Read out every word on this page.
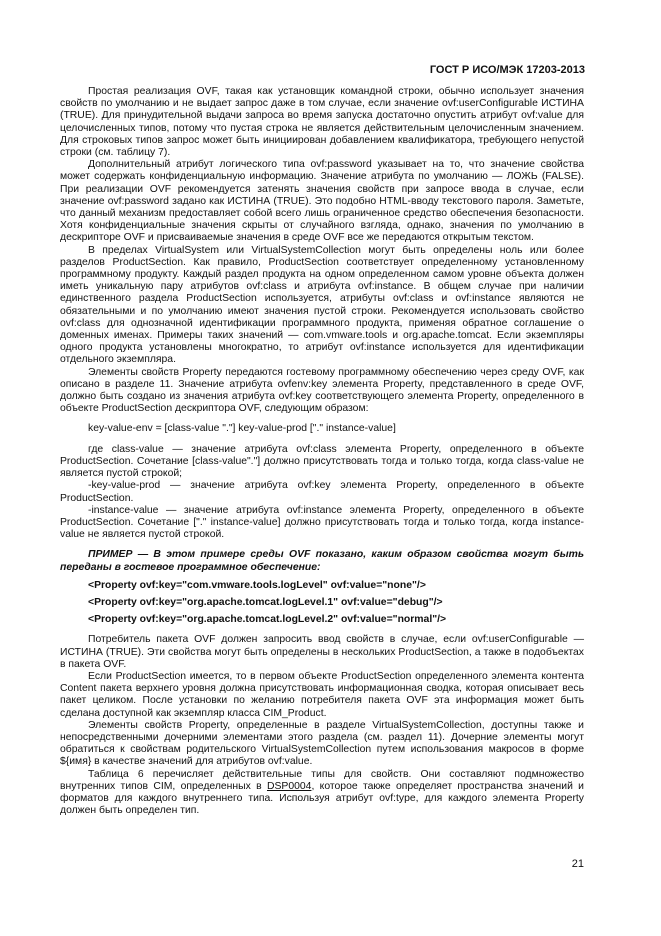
ГОСТ Р ИСО/МЭК 17203-2013

Простая реализация OVF, такая как установщик командной строки, обычно использует значения свойств по умолчанию и не выдает запрос даже в том случае, если значение ovf:userConfigurable ИСТИНА (TRUE). Для принудительной выдачи запроса во время запуска достаточно опустить атрибут ovf:value для целочисленных типов, потому что пустая строка не является действительным целочисленным значением. Для строковых типов запрос может быть инициирован добавлением квалификатора, требующего непустой строки (см. таблицу 7).

Дополнительный атрибут логического типа ovf:password указывает на то, что значение свойства может содержать конфиденциальную информацию. Значение атрибута по умолчанию — ЛОЖЬ (FALSE). При реализации OVF рекомендуется затенять значения свойств при запросе ввода в случае, если значение ovf:password задано как ИСТИНА (TRUE). Это подобно HTML-вводу текстового пароля. Заметьте, что данный механизм предоставляет собой всего лишь ограниченное средство обеспечения безопасности. Хотя конфиденциальные значения скрыты от случайного взгляда, однако, значения по умолчанию в дескрипторе OVF и присваиваемые значения в среде OVF все же передаются открытым текстом.

В пределах VirtualSystem или VirtualSystemCollection могут быть определены ноль или более разделов ProductSection. Как правило, ProductSection соответствует определенному установленному программному продукту. Каждый раздел продукта на одном определенном самом уровне объекта должен иметь уникальную пару атрибутов ovf:class и атрибута ovf:instance. В общем случае при наличии единственного раздела ProductSection используется, атрибуты ovf:class и ovf:instance являются не обязательными и по умолчанию имеют значения пустой строки. Рекомендуется использовать свойство ovf:class для однозначной идентификации программного продукта, применяя обратное соглашение о доменных именах. Примеры таких значений — com.vmware.tools и org.apache.tomcat. Если экземпляры одного продукта установлены многократно, то атрибут ovf:instance используется для идентификации отдельного экземпляра.

Элементы свойств Property передаются гостевому программному обеспечению через среду OVF, как описано в разделе 11. Значение атрибута ovfenv:key элемента Property, представленного в среде OVF, должно быть создано из значения атрибута ovf:key соответствующего элемента Property, определенного в объекте ProductSection дескриптора OVF, следующим образом:

key-value-env = [class-value "."] key-value-prod ["." instance-value]

где class-value — значение атрибута ovf:class элемента Property, определенного в объекте ProductSection. Сочетание [class-value"."] должно присутствовать тогда и только тогда, когда class-value не является пустой строкой;

-key-value-prod — значение атрибута ovf:key элемента Property, определенного в объекте ProductSection.

-instance-value — значение атрибута ovf:instance элемента Property, определенного в объекте ProductSection. Сочетание ["." instance-value] должно присутствовать тогда и только тогда, когда instance-value не является пустой строкой.

ПРИМЕР — В этом примере среды OVF показано, каким образом свойства могут быть переданы в гостевое программное обеспечение:

<Property ovf:key="com.vmware.tools.logLevel" ovf:value="none"/>

<Property ovf:key="org.apache.tomcat.logLevel.1" ovf:value="debug"/>

<Property ovf:key="org.apache.tomcat.logLevel.2" ovf:value="normal"/>

Потребитель пакета OVF должен запросить ввод свойств в случае, если ovf:userConfigurable — ИСТИНА (TRUE). Эти свойства могут быть определены в нескольких ProductSection, а также в подобъектах в пакета OVF.

Если ProductSection имеется, то в первом объекте ProductSection определенного элемента контента Content пакета верхнего уровня должна присутствовать информационная сводка, которая описывает весь пакет целиком. После установки по желанию потребителя пакета OVF эта информация может быть сделана доступной как экземпляр класса CIM_Product.

Элементы свойств Property, определенные в разделе VirtualSystemCollection, доступны также и непосредственными дочерними элементами этого раздела (см. раздел 11). Дочерние элементы могут обратиться к свойствам родительского VirtualSystemCollection путем использования макросов в форме ${имя} в качестве значений для атрибутов ovf:value.

Таблица 6 перечисляет действительные типы для свойств. Они составляют подмножество внутренних типов CIM, определенных в DSP0004, которое также определяет пространства значений и форматов для каждого внутреннего типа. Используя атрибут ovf:type, для каждого элемента Property должен быть определен тип.

21
